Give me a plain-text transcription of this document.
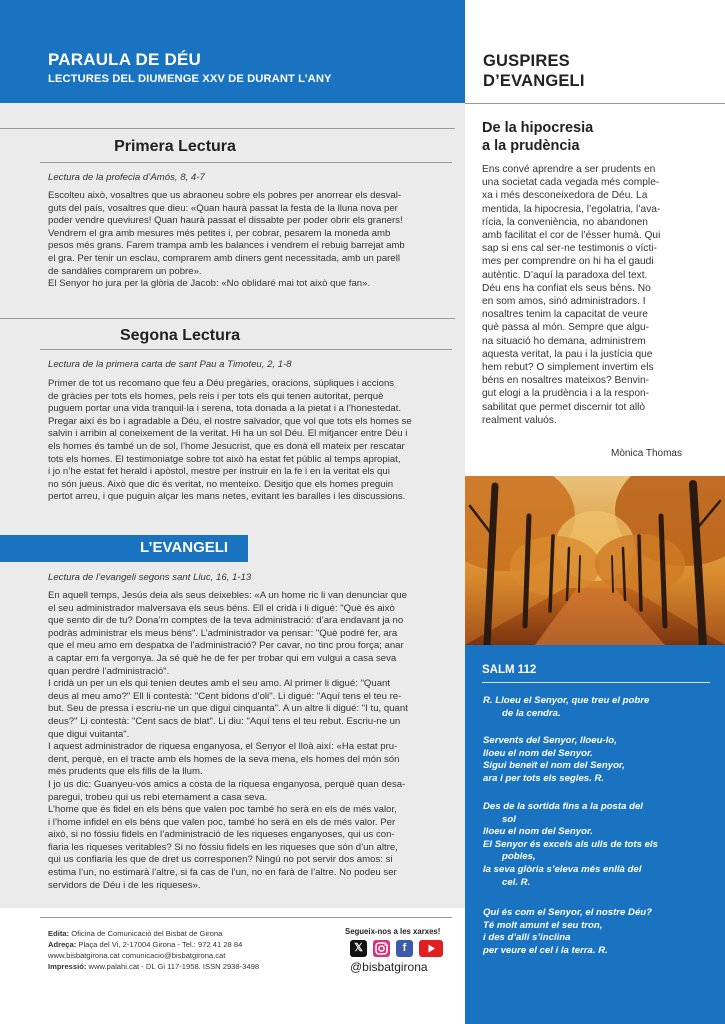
PARAULA DE DÉU
LECTURES DEL DIUMENGE XXV DE DURANT L’ANY
GUSPIRES
D’EVANGELI
Primera Lectura
Lectura de la profecia d’Amós, 8, 4-7
Escolteu això, vosaltres que us abraoneu sobre els pobres per anorrear els desval-
guts del país, vosaltres que dieu: «Quan haurà passat la festa de la lluna nova per
poder vendre queviures! Quan haurà passat el dissabte per poder obrir els graners!
Vendrem el gra amb mesures més petites i, per cobrar, pesarem la moneda amb
pesos més grans. Farem trampa amb les balances i vendrem el rebuig barrejat amb
el gra. Per tenir un esclau, comprarem amb diners gent necessitada, amb un parell
de sandàlies comprarem un pobre».
El Senyor ho jura per la glòria de Jacob: «No oblidaré mai tot això que fan».
Segona Lectura
Lectura de la primera carta de sant Pau a Timoteu, 2, 1-8
Primer de tot us recomano que feu a Déu pregàries, oracions, súpliques i accions
de gràcies per tots els homes, pels reis i per tots els qui tenen autoritat, perquè
puguem portar una vida tranquil·la i serena, tota donada a la pietat i a l’honestedat.
Pregar així és bo i agradable a Déu, el nostre salvador, que vol que tots els homes se
salvin i arribin al coneixement de la veritat. Hi ha un sol Déu. El mitjancer entre Déu i
els homes és també un de sol, l’home Jesucrist, que es donà ell mateix per rescatar
tots els homes. El testimoniatge sobre tot això ha estat fet públic al temps apropiat,
i jo n’he estat fet herald i apòstol, mestre per instruir en la fe i en la veritat els qui
no són jueus. Això que dic és veritat, no menteixo. Desitjo que els homes preguin
pertot arreu, i que puguin alçar les mans netes, evitant les baralles i les discussions.
L’EVANGELI
Lectura de l’evangeli segons sant Lluc, 16, 1-13
En aquell temps, Jesús deia als seus deixebles: «A un home ric li van denunciar que
el seu administrador malversava els seus béns. Ell el cridà i li digué: "Què és això
que sento dir de tu? Dona’m comptes de la teva administració: d’ara endavant ja no
podràs administrar els meus béns". L’administrador va pensar: "Què podré fer, ara
que el meu amo em despatxa de l’administració? Per cavar, no tinc prou força; anar
a captar em fa vergonya. Ja sé què he de fer per trobar qui em vulgui a casa seva
quan perdré l’administració".
I cridà un per un els qui tenien deutes amb el seu amo. Al primer li digué: "Quant
deus al meu amo?" Ell li contestà: "Cent bidons d’oli". Li digué: "Aquí tens el teu re-
but. Seu de pressa i escriu-ne un que digui cinquanta". A un altre li digué: "I tu, quant
deus?" Li contestà: "Cent sacs de blat". Li diu: "Aquí tens el teu rebut. Escriu-ne un
que digui vuitanta".
I aquest administrador de riquesa enganyosa, el Senyor el lloà així: «Ha estat pru-
dent, perquè, en el tracte amb els homes de la seva mena, els homes del món són
més prudents que els fills de la llum.
I jo us dic: Guanyeu-vos amics a costa de la riquesa enganyosa, perquè quan desa-
paregui, trobeu qui us rebi eternament a casa seva.
L’home que és fidel en els béns que valen poc també ho serà en els de més valor,
i l’home infidel en els béns que valen poc, també ho serà en els de més valor. Per
això, si no fóssiu fidels en l’administració de les riqueses enganyoses, qui us con-
fiaria les riqueses veritables? Si no fóssiu fidels en les riqueses que són d’un altre,
qui us confiaria les que de dret us corresponen? Ningú no pot servir dos amos: si
estima l’un, no estimarà l’altre, si fa cas de l’un, no en farà de l’altre. No podeu ser
servidors de Déu i de les riqueses».
De la hipocresia
a la prudència
Ens convé aprendre a ser prudents en
una societat cada vegada més comple-
xa i més desconeixedora de Déu. La
mentida, la hipocresia, l’egolatria, l’ava-
rícia, la conveniència, no abandonen
amb facilitat el cor de l’ésser humà. Qui
sap si ens cal ser-ne testimonis o vícti-
mes per comprendre on hi ha el gaudi
autèntic. D’aquí la paradoxa del text.
Déu ens ha confiat els seus béns. No
en som amos, sinó administradors. I
nosaltres tenim la capacitat de veure
què passa al món. Sempre que algu-
na situació ho demana, administrem
aquesta veritat, la pau i la justícia que
hem rebut? O simplement invertim els
béns en nosaltres mateixos? Benvin-
gut elogi a la prudència i a la respon-
sabilitat que permet discernir tot allò
realment valuós.
Mònica Thomas
SALM 112
R. Lloeu el Senyor, que treu el pobre
de la cendra.
Servents del Senyor, lloeu-lo,
lloeu el nom del Senyor.
Sigui beneït el nom del Senyor,
ara i per tots els segles. R.
Des de la sortida fins a la posta del
sol
lloeu el nom del Senyor.
El Senyor és excels als ulls de tots els
pobles,
la seva glòria s’eleva més enllà del
cel. R.
Qui és com el Senyor, el nostre Déu?
Té molt amunt el seu tron,
i des d’allí s’inclina
per veure el cel i la terra. R.
Edita: Oficina de Comunicació del Bisbat de Girona
Adreça: Plaça del Vi, 2-17004 Girona - Tel.: 972 41 28 84
www.bisbatgirona.cat comunicacio@bisbatgirona.cat
Impressió: www.palahi.cat - DL Gi 117-1958. ISSN 2938-3498
Segueix-nos a les xarxes!
𝕏	f
@bisbatgirona
